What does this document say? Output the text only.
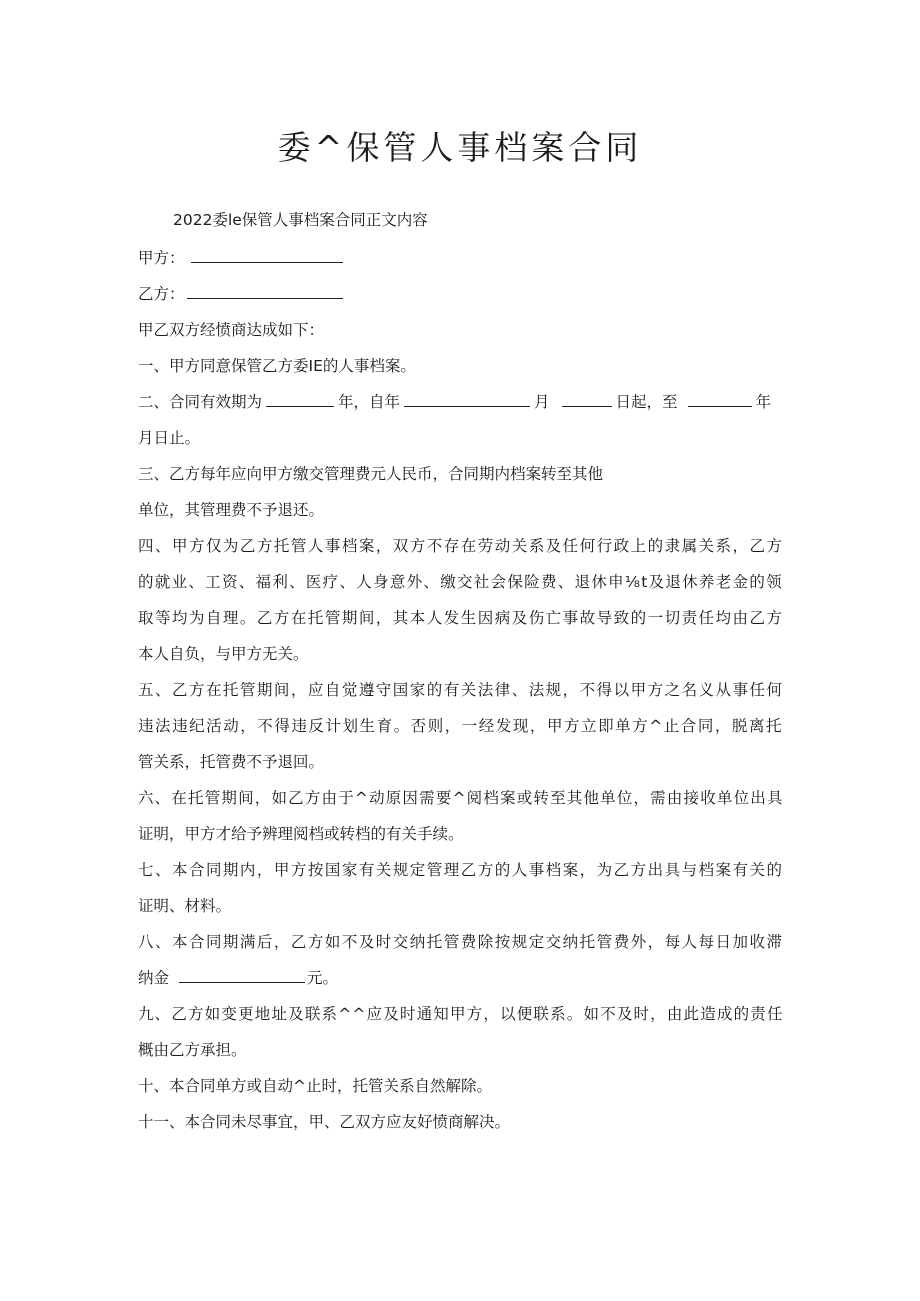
委^保管人事档案合同
2022委le保管人事档案合同正文内容
甲方：
乙方：
甲乙双方经愤商达成如下：
一、甲方同意保管乙方委IE的人事档案。
二、合同有效期为	年，自年	月	日起，至	年
月日止。
三、乙方每年应向甲方缴交管理费元人民币，合同期内档案转至其他
单位，其管理费不予退还。
四、甲方仅为乙方托管人事档案，双方不存在劳动关系及任何行政上的隶属关系，乙方
的就业、工资、福利、医疗、人身意外、缴交社会保险费、退休申⅛t及退休养老金的领
取等均为自理。乙方在托管期间，其本人发生因病及伤亡事故导致的一切责任均由乙方
本人自负，与甲方无关。
五、乙方在托管期间，应自觉遵守国家的有关法律、法规，不得以甲方之名义从事任何
违法违纪活动，不得违反计划生育。否则，一经发现，甲方立即单方^止合同，脱离托
管关系，托管费不予退回。
六、在托管期间，如乙方由于^动原因需要^阅档案或转至其他单位，需由接收单位出具
证明，甲方才给予辨理阅档或转档的有关手续。
七、本合同期内，甲方按国家有关规定管理乙方的人事档案，为乙方出具与档案有关的
证明、材料。
八、本合同期满后，乙方如不及时交纳托管费除按规定交纳托管费外，每人每日加收滞
纳金	元。
九、乙方如变更地址及联系^^应及时通知甲方，以便联系。如不及时，由此造成的责任
概由乙方承担。
十、本合同单方或自动^止时，托管关系自然解除。
十一、本合同未尽事宜，甲、乙双方应友好愤商解决。
